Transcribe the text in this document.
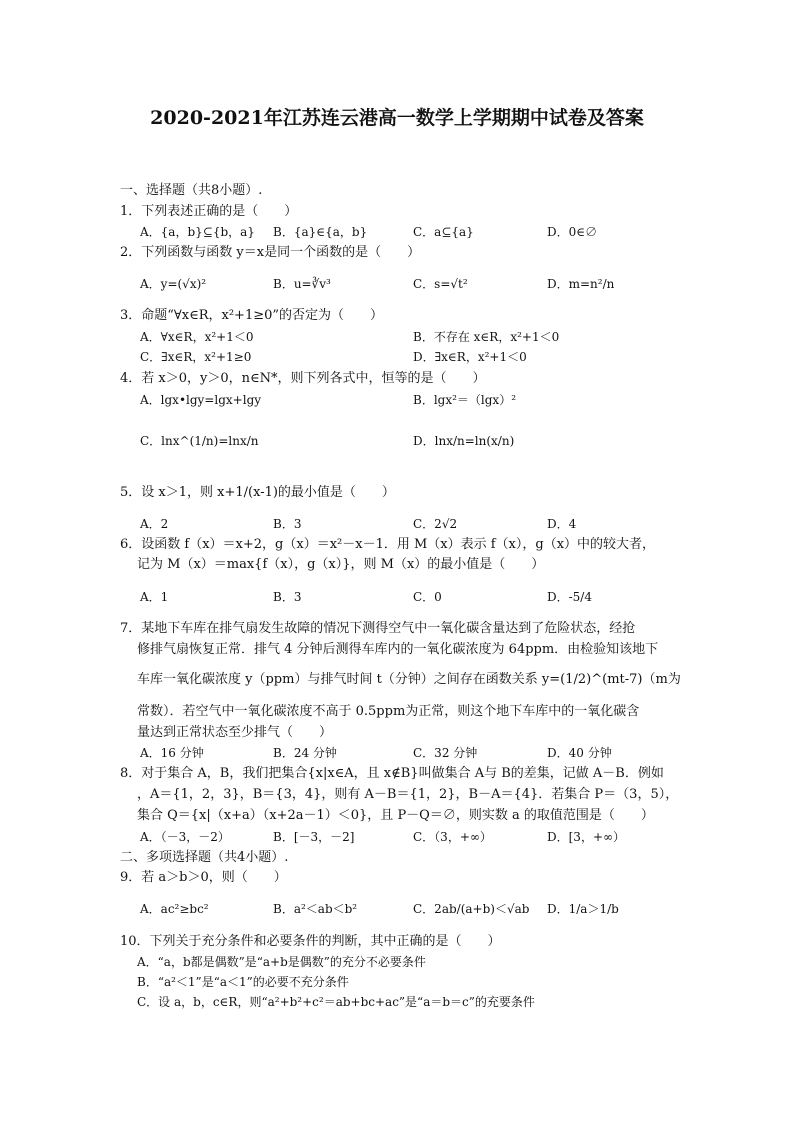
2020-2021年江苏连云港高一数学上学期期中试卷及答案
一、选择题（共8小题）.
1．下列表述正确的是（　　）
A．{a，b}⊆{b，a} B．{a}∈{a，b}	C．a⊆{a}	D．0∈∅
2．下列函数与函数 y＝x是同一个函数的是（　　）
A．y=(√x)²	B．u=∛v³	C．s=√t²	D．m=n²/n
3．命题“∀x∈R，x²+1≥0”的否定为（　　）
A．∀x∈R，x²+1＜0	B．不存在 x∈R，x²+1＜0
C．∃x∈R，x²+1≥0	D．∃x∈R，x²+1＜0
4．若 x＞0，y＞0，n∈N*，则下列各式中，恒等的是（　　）
A．lgx•lgy=lgx+lgy	B．lgx²＝（lgx）²
C．lnx^(1/n)=lnx/n	D．lnx/n=ln(x/n)
5．设 x＞1，则 x+1/(x-1)的最小值是（　　）
A．2	B．3	C．2√2	D．4
6．设函数 f（x）＝x+2，g（x）＝x²－x－1．用 M（x）表示 f（x），g（x）中的较大者，
记为 M（x）＝max{f（x），g（x）}，则 M（x）的最小值是（　　）
A．1	B．3	C．0	D．-5/4
7．某地下车库在排气扇发生故障的情况下测得空气中一氧化碳含量达到了危险状态，经抢
修排气扇恢复正常．排气 4 分钟后测得车库内的一氧化碳浓度为 64ppm．由检验知该地下
车库一氧化碳浓度 y（ppm）与排气时间 t（分钟）之间存在函数关系 y=(1/2)^(mt-7)（m为
常数）．若空气中一氧化碳浓度不高于 0.5ppm为正常，则这个地下车库中的一氧化碳含
量达到正常状态至少排气（　　）
A．16 分钟	B．24 分钟	C．32 分钟	D．40 分钟
8．对于集合 A，B，我们把集合{x|x∈A，且 x∉B}叫做集合 A与 B的差集，记做 A－B．例如
，A＝{1，2，3}，B＝{3，4}，则有 A－B＝{1，2}，B－A＝{4}．若集合 P＝（3，5），
集合 Q＝{x|（x+a）（x+2a－1）＜0}，且 P－Q＝∅，则实数 a 的取值范围是（　　）
A．（－3，－2）	B．[－3，－2]	C．（3，+∞）	D．[3，+∞）
二、多项选择题（共4小题）.
9．若 a＞b＞0，则（　　）
A．ac²≥bc²	B．a²＜ab＜b²	C．2ab/(a+b)＜√ab D．1/a＞1/b
10．下列关于充分条件和必要条件的判断，其中正确的是（　　）
A．“a，b都是偶数”是“a+b是偶数”的充分不必要条件
B．“a²＜1”是“a＜1”的必要不充分条件
C．设 a，b，c∈R，则“a²+b²+c²＝ab+bc+ac”是“a＝b＝c”的充要条件
